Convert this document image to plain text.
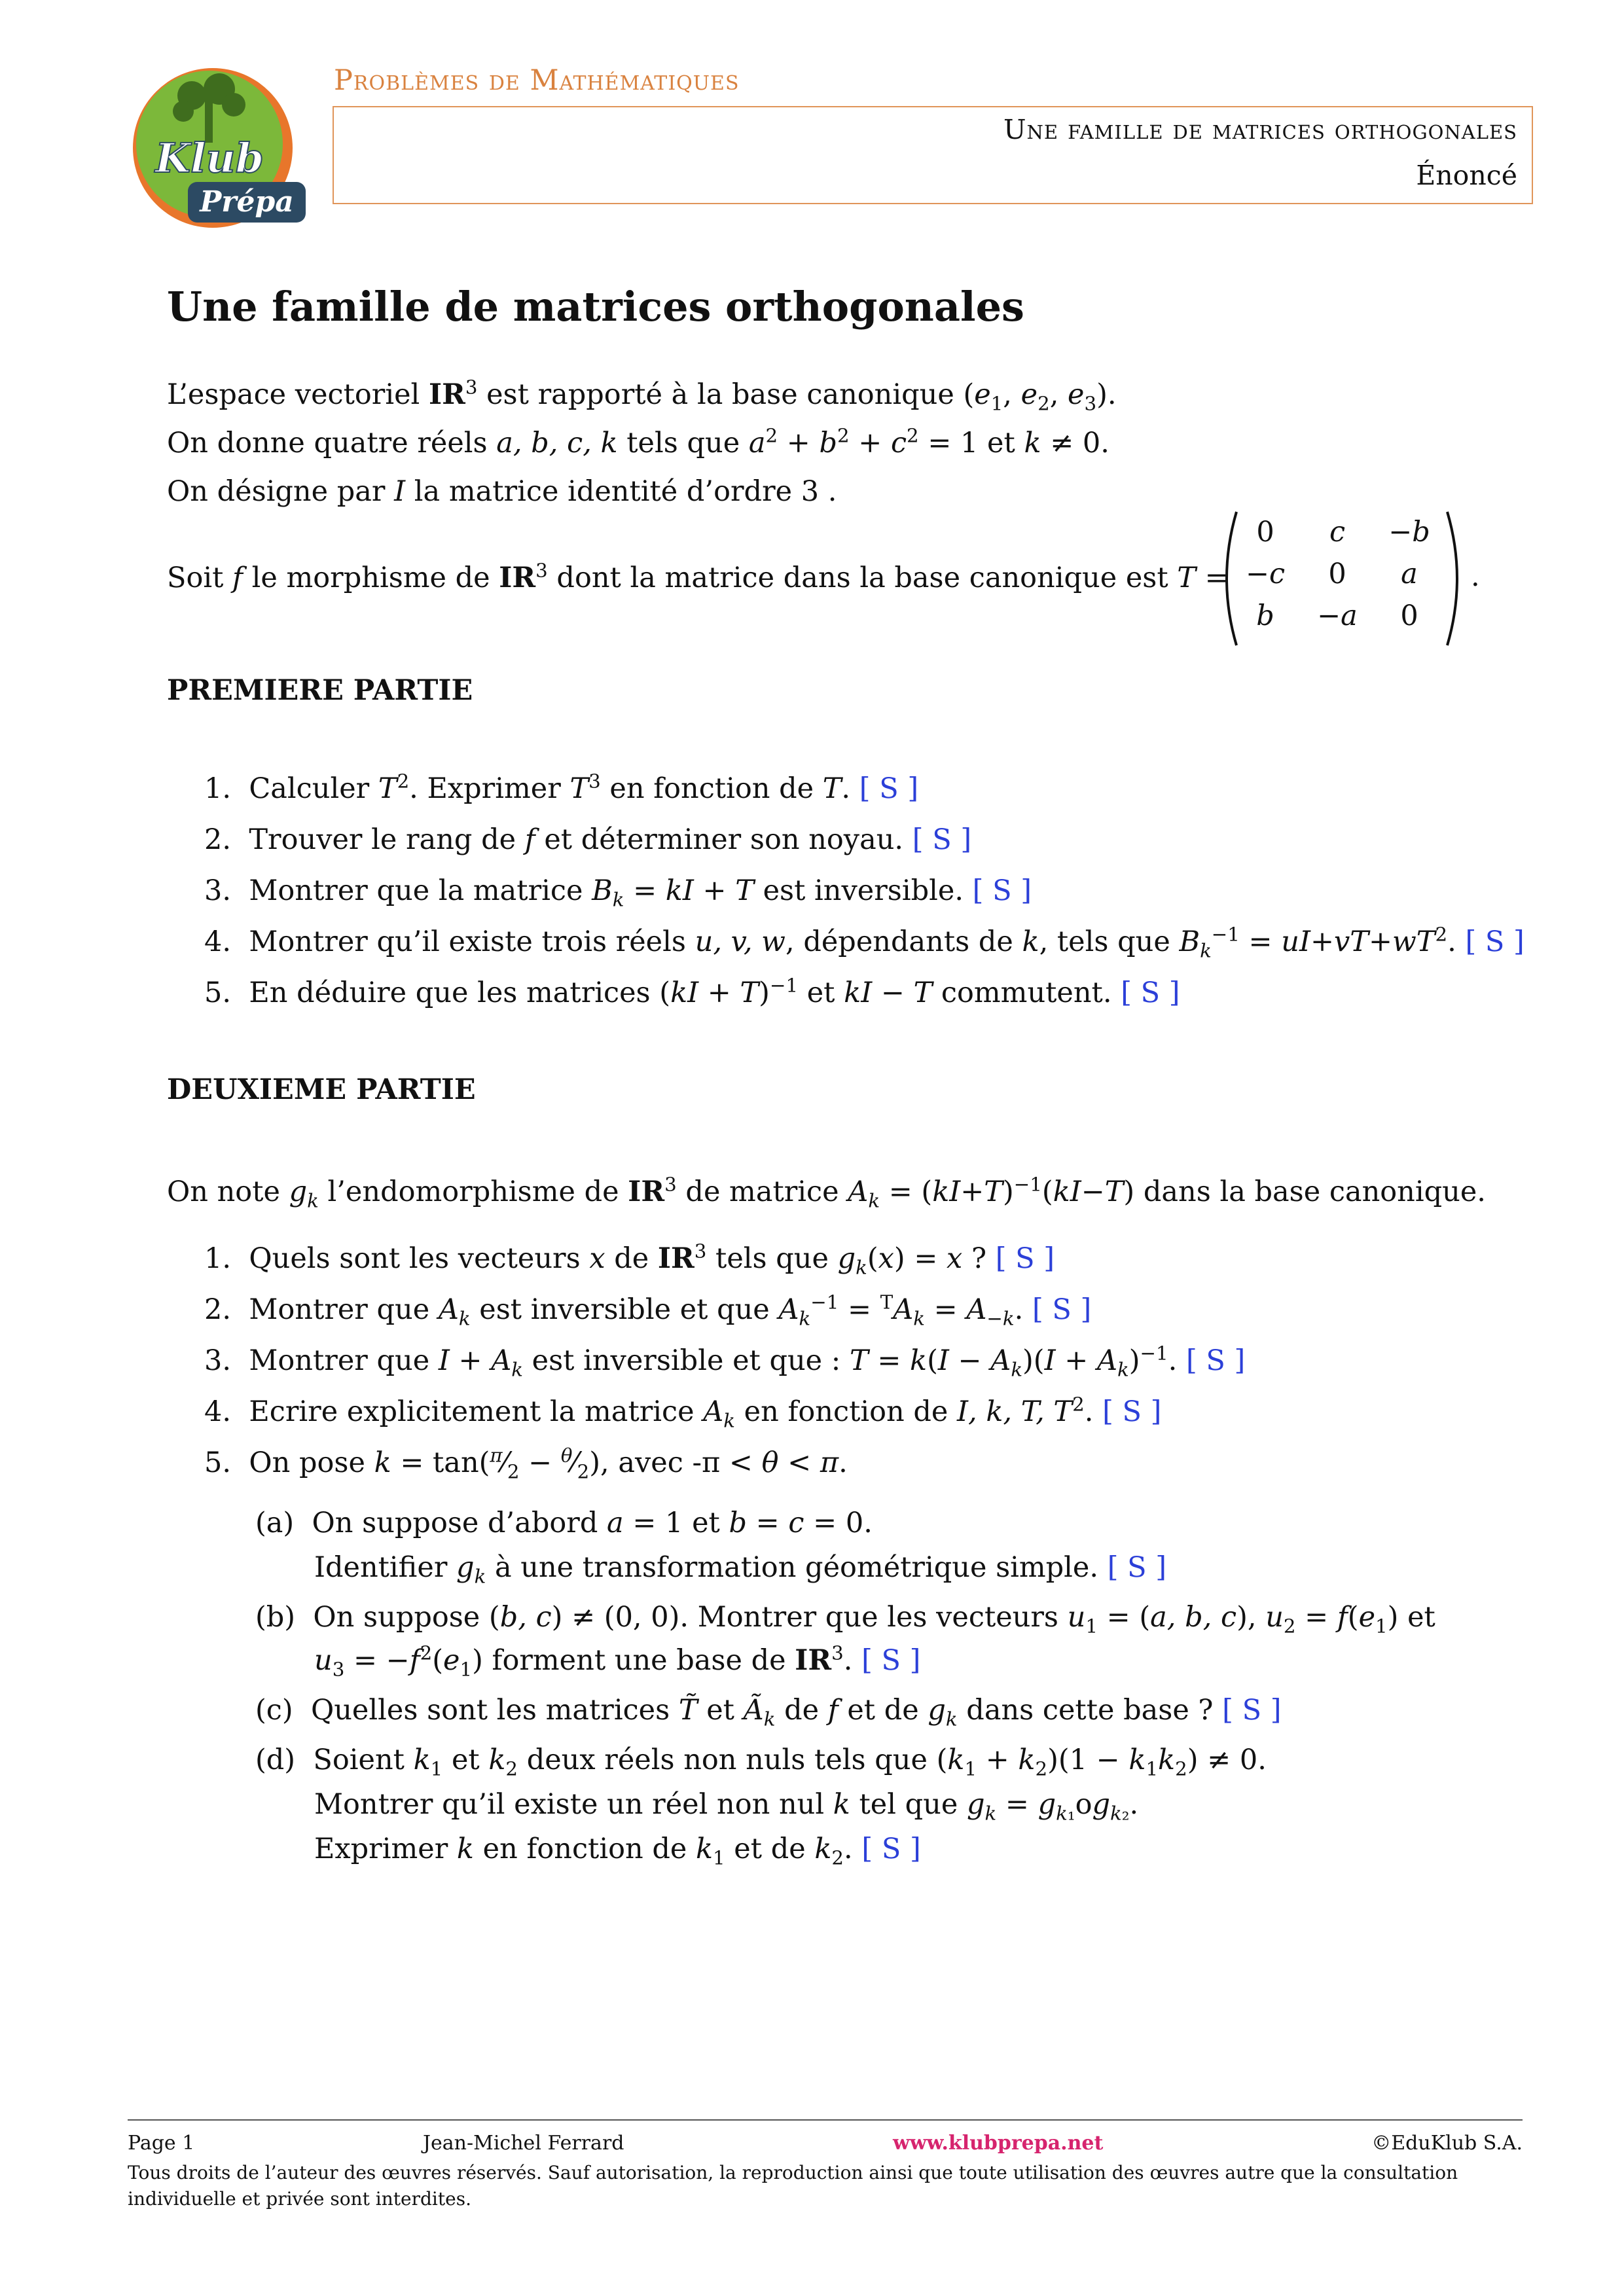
Klub
Prépa
Problèmes de Mathématiques
Une famille de matrices orthogonales
Énoncé
Une famille de matrices orthogonales
L’espace vectoriel $IR^3$ est rapporté à la base canonique ($e_1$, $e_2$, $e_3$).
On donne quatre réels a, b, c, k tels que $a^2 + b^2 + c^2 = 1$ et k ≠ 0.
On désigne par I la matrice identité d’ordre 3 .
Soit f le morphisme de $IR^3$ dont la matrice dans la base canonique est T =
0	c	−b
−c	0	a
b	−a	0
.
PREMIERE PARTIE
1.  Calculer $T^2$. Exprimer $T^3$ en fonction de T. [ S ]
2.  Trouver le rang de f et déterminer son noyau. [ S ]
3.  Montrer que la matrice $B_k$ = kI + T est inversible. [ S ]
4.  Montrer qu’il existe trois réels u, v, w, dépendants de k, tels que $B_k^{-1} = uI+vT+wT^2$. [ S ]
5.  En déduire que les matrices (kI + T)$^{-1}$ et kI − T commutent. [ S ]
DEUXIEME PARTIE
On note $g_k$ l’endomorphisme de $IR^3$ de matrice $A_k = (kI+T)^{-1}(kI-T)$ dans la base canonique.
1.  Quels sont les vecteurs x de $IR^3$ tels que $g_k(x) = x$ ? [ S ]
2.  Montrer que $A_k$ est inversible et que $A_k^{-1} = ^TA_k = A_{-k}$. [ S ]
3.  Montrer que $I + A_k$ est inversible et que : $T = k(I - A_k)(I + A_k)^{-1}$. [ S ]
4.  Ecrire explicitement la matrice $A_k$ en fonction de I, k, T, $T^2$. [ S ]
5.  On pose $k = \tan(^\pi⁄_2$ − $^\theta⁄_2$), avec -π < θ < π.
(a)  On suppose d’abord a = 1 et b = c = 0.
Identifier $g_k$ à une transformation géométrique simple. [ S ]
(b)  On suppose (b, c) ≠ (0, 0). Montrer que les vecteurs $u_1 = (a$, b, c), $u_2 = f(e_1)$ et
$u_3 = -f^2(e_1)$ forment une base de $IR^3$. [ S ]
(c)  Quelles sont les matrices T̃ et $Ã_k$ de f et de $g_k$ dans cette base ? [ S ]
(d)  Soient $k_1$ et $k_2$ deux réels non nuls tels que $(k_1 + k_2)(1 - k_1k_2) \ne 0$.
Montrer qu’il existe un réel non nul k tel que $g_k = g_{k_1}og_{k_2}$.
Exprimer k en fonction de $k_1$ et de $k_2$. [ S ]
Page 1	Jean-Michel Ferrard	www.klubprepa.net	©EduKlub S.A.
Tous droits de l’auteur des œuvres réservés. Sauf autorisation, la reproduction ainsi que toute utilisation des œuvres autre que la consultation
individuelle et privée sont interdites.
